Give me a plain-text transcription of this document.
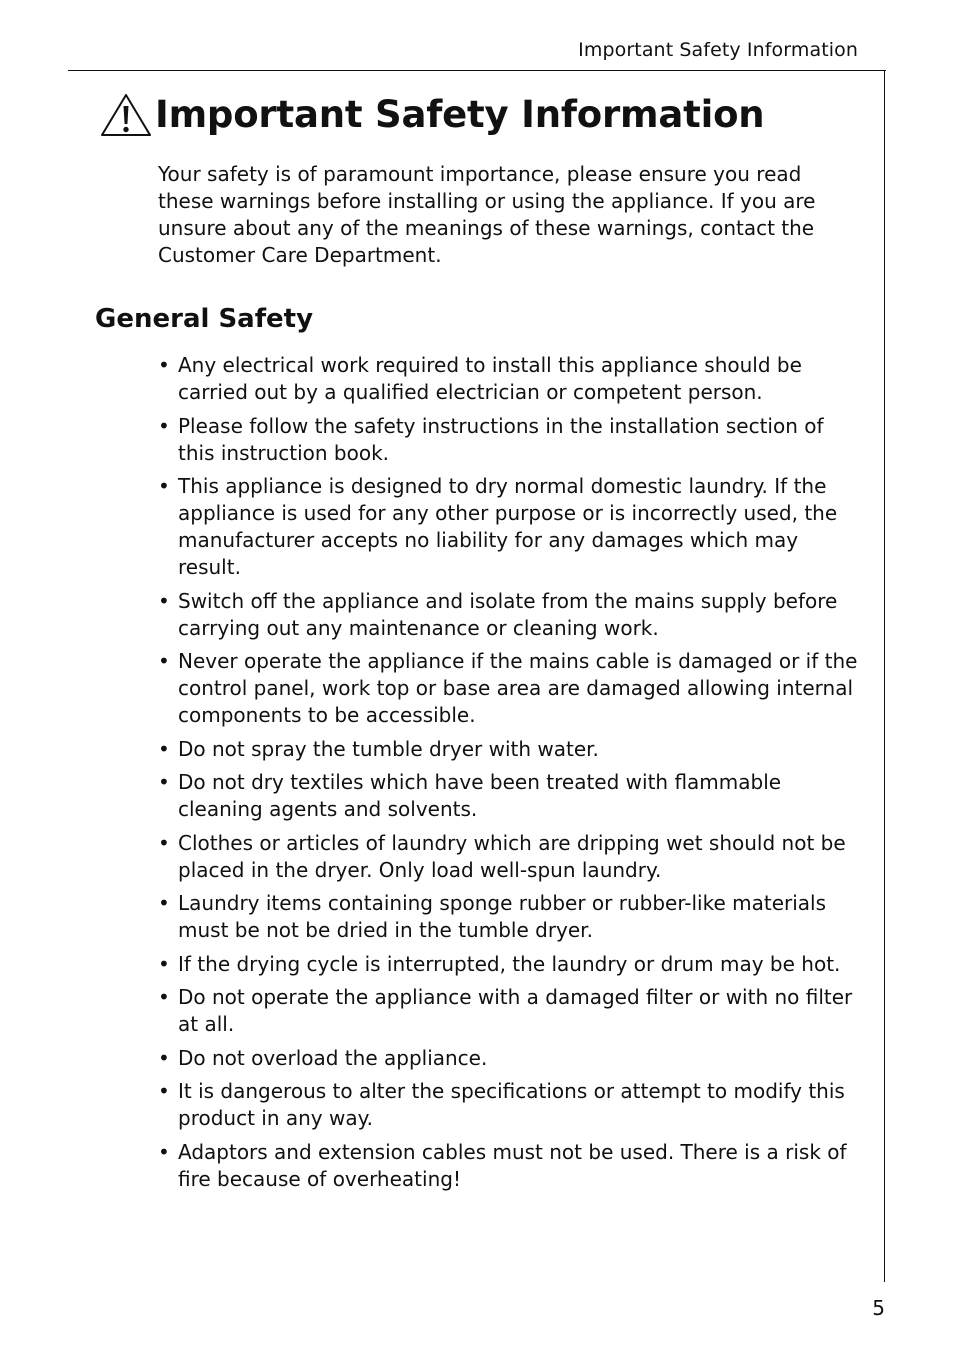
Important Safety Information
Important Safety Information

Your safety is of paramount importance, please ensure you read these warnings before installing or using the appliance. If you are unsure about any of the meanings of these warnings, contact the Customer Care Department.

General Safety
• Any electrical work required to install this appliance should be carried out by a qualified electrician or competent person.
• Please follow the safety instructions in the installation section of this instruction book.
• This appliance is designed to dry normal domestic laundry. If the appliance is used for any other purpose or is incorrectly used, the manufacturer accepts no liability for any damages which may result.
• Switch off the appliance and isolate from the mains supply before carrying out any maintenance or cleaning work.
• Never operate the appliance if the mains cable is damaged or if the control panel, work top or base area are damaged allowing internal components to be accessible.
• Do not spray the tumble dryer with water.
• Do not dry textiles which have been treated with flammable cleaning agents and solvents.
• Clothes or articles of laundry which are dripping wet should not be placed in the dryer. Only load well-spun laundry.
• Laundry items containing sponge rubber or rubber-like materials must be not be dried in the tumble dryer.
• If the drying cycle is interrupted, the laundry or drum may be hot.
• Do not operate the appliance with a damaged filter or with no filter at all.
• Do not overload the appliance.
• It is dangerous to alter the specifications or attempt to modify this product in any way.
• Adaptors and extension cables must not be used. There is a risk of fire because of overheating!
5
